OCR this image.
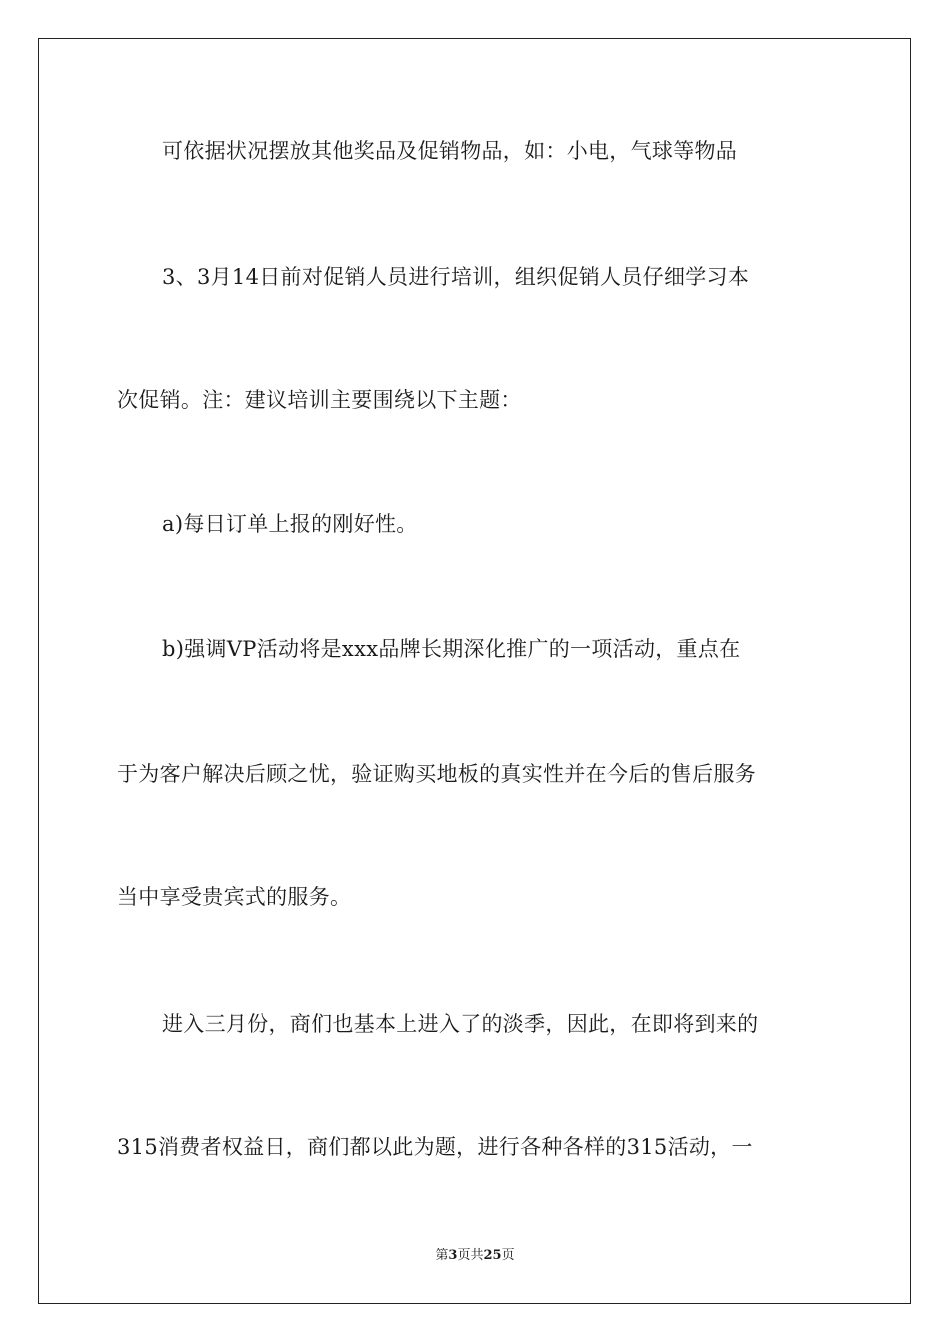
可依据状况摆放其他奖品及促销物品，如：小电，气球等物品
3、3月14日前对促销人员进行培训，组织促销人员仔细学习本
次促销。注：建议培训主要围绕以下主题：
a)每日订单上报的刚好性。
b)强调VP活动将是xxx品牌长期深化推广的一项活动，重点在
于为客户解决后顾之忧，验证购买地板的真实性并在今后的售后服务
当中享受贵宾式的服务。
进入三月份，商们也基本上进入了的淡季，因此，在即将到来的
315消费者权益日，商们都以此为题，进行各种各样的315活动，一
第3页共25页
